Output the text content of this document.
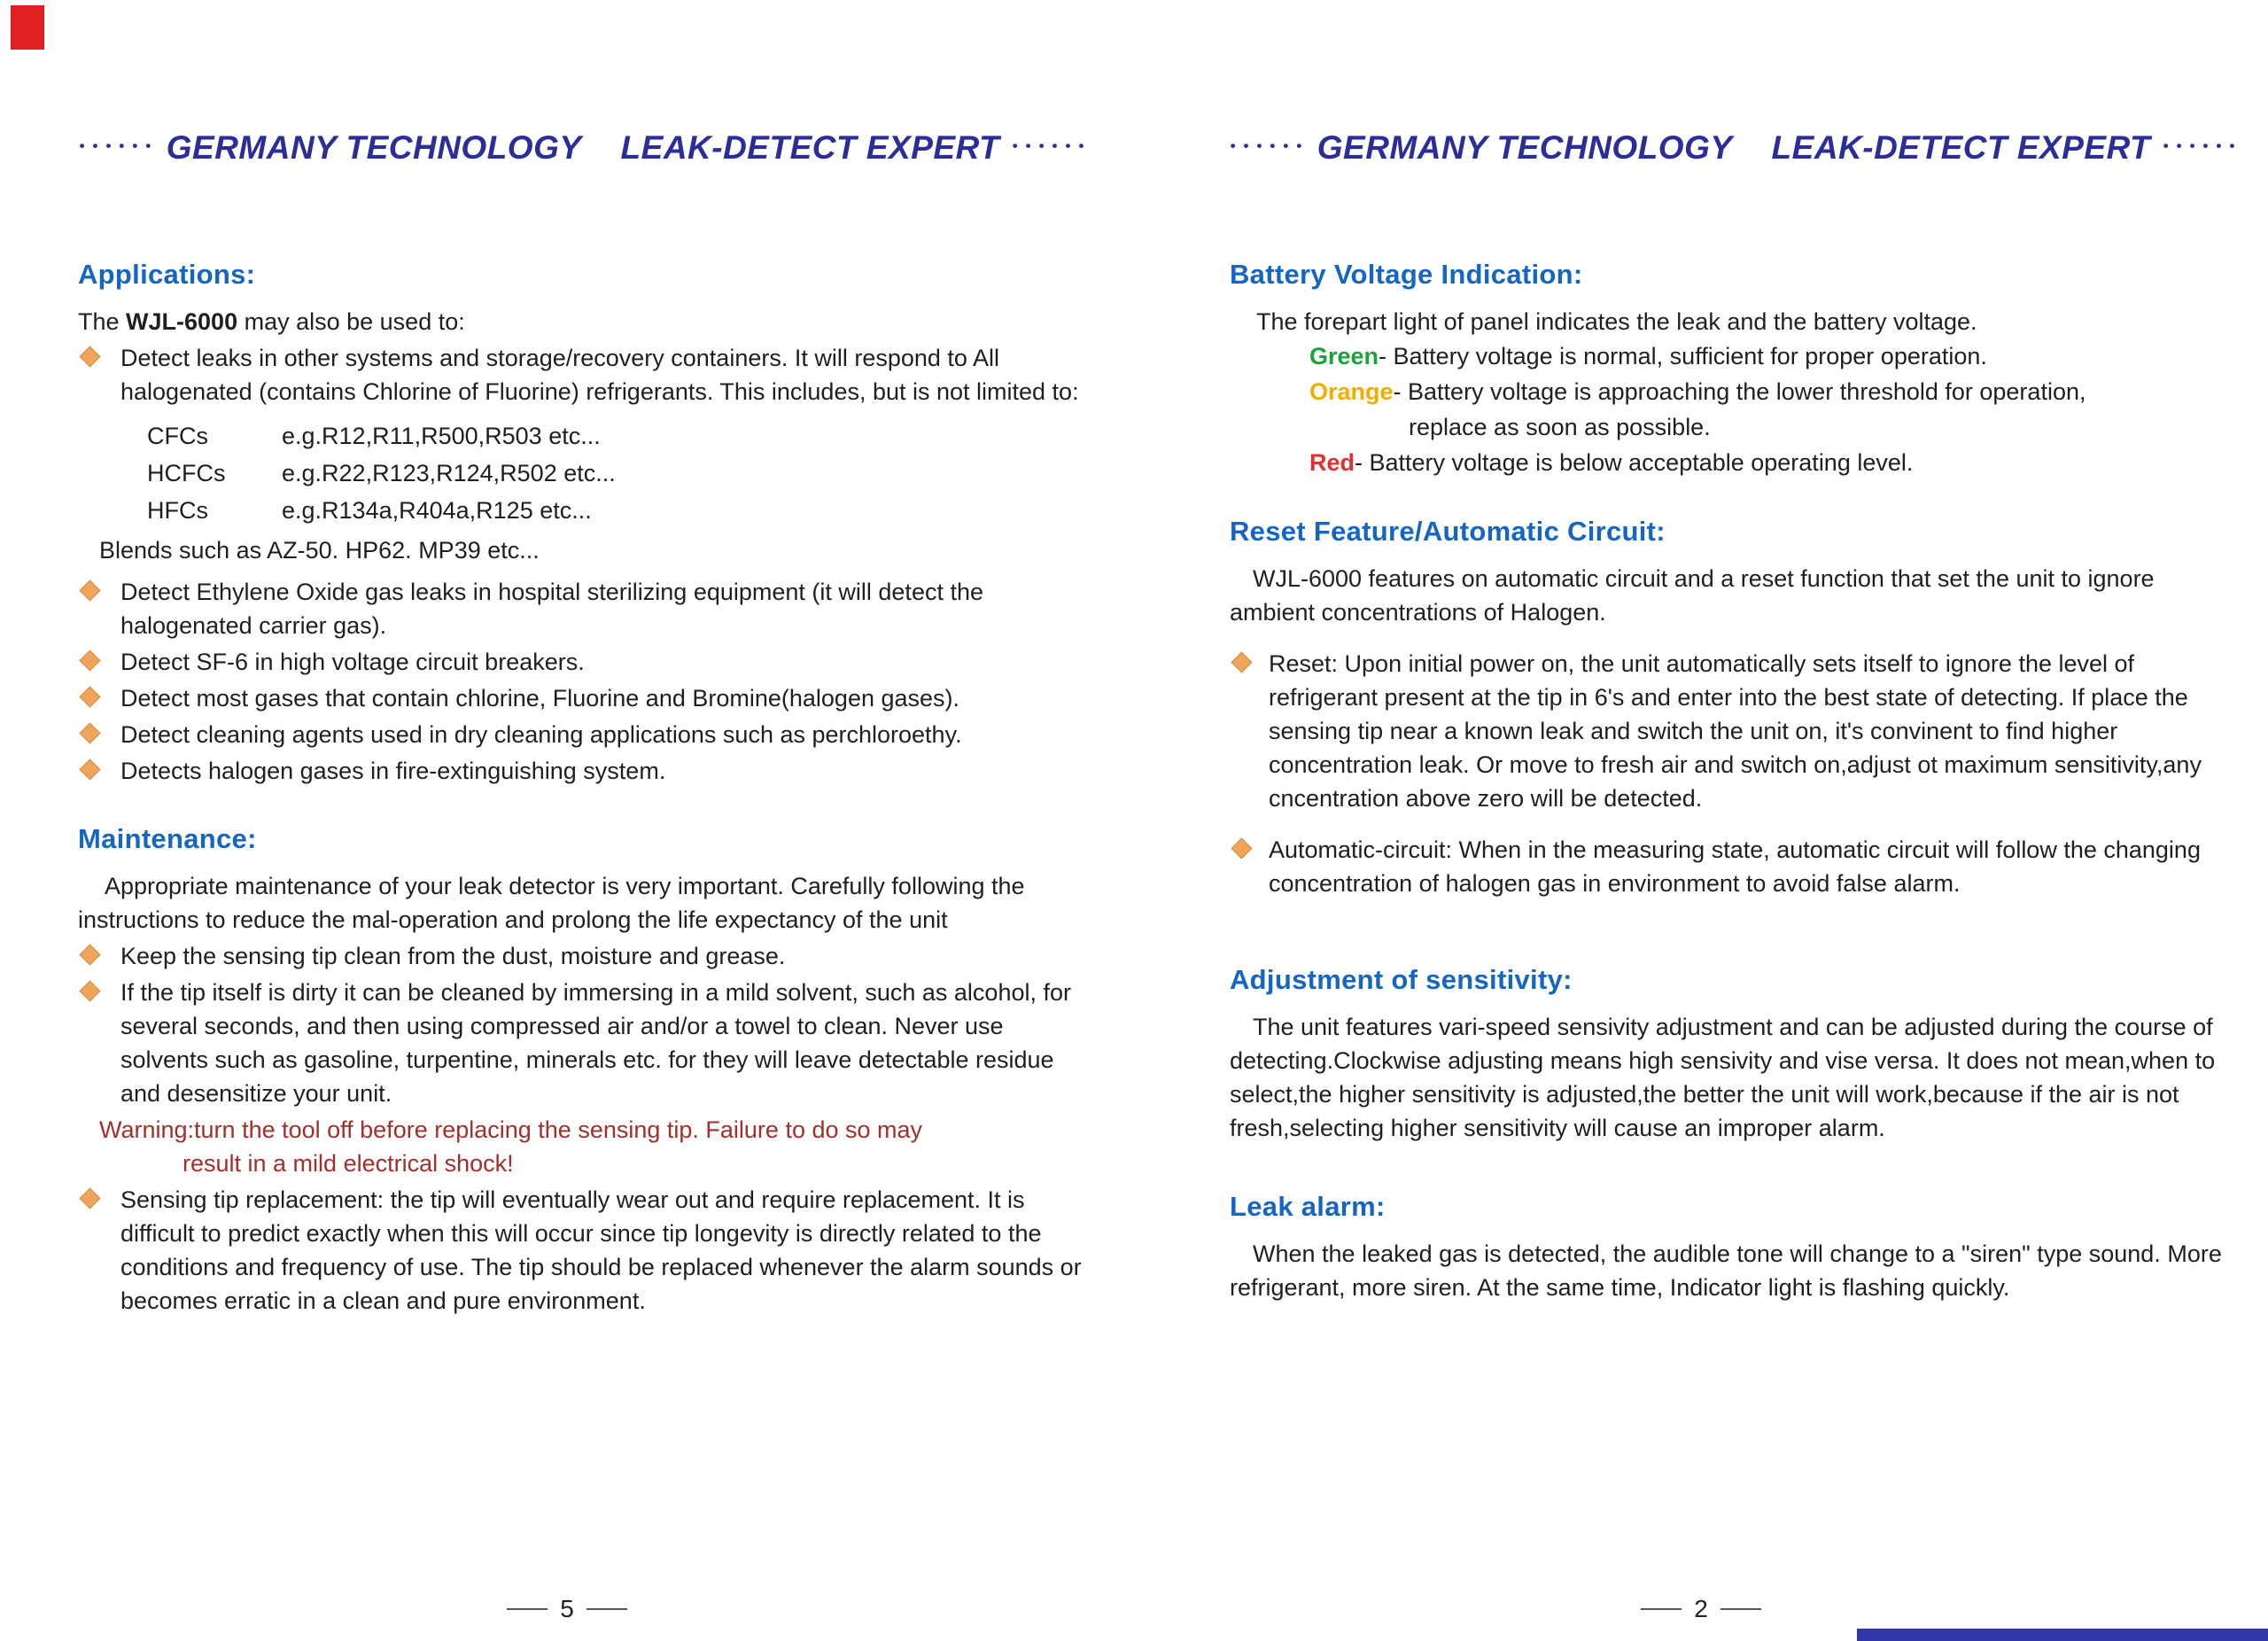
•••••• GERMANY TECHNOLOGY LEAK-DETECT EXPERT ••••••
Applications:

The WJL-6000 may also be used to:

Detect leaks in other systems and storage/recovery containers. It will respond to All halogenated (contains Chlorine of Fluorine) refrigerants. This includes, but is not limited to:
CFCs	e.g.R12,R11,R500,R503 etc...
HCFCs	e.g.R22,R123,R124,R502 etc...
HFCs	e.g.R134a,R404a,R125 etc...
Blends such as AZ-50. HP62. MP39 etc...
Detect Ethylene Oxide gas leaks in hospital sterilizing equipment (it will detect the halogenated carrier gas).
Detect SF-6 in high voltage circuit breakers.
Detect most gases that contain chlorine, Fluorine and Bromine(halogen gases).
Detect cleaning agents used in dry cleaning applications such as perchloroethy.
Detects halogen gases in fire-extinguishing system.
Maintenance:

Appropriate maintenance of your leak detector is very important. Carefully following the instructions to reduce the mal-operation and prolong the life expectancy of the unit

Keep the sensing tip clean from the dust, moisture and grease.
If the tip itself is dirty it can be cleaned by immersing in a mild solvent, such as alcohol, for several seconds, and then using compressed air and/or a towel to clean. Never use solvents such as gasoline, turpentine, minerals etc. for they will leave detectable residue and desensitize your unit.
Warning:turn the tool off before replacing the sensing tip. Failure to do so may
result in a mild electrical shock!
Sensing tip replacement: the tip will eventually wear out and require replacement. It is difficult to predict exactly when this will occur since tip longevity is directly related to the conditions and frequency of use. The tip should be replaced whenever the alarm sounds or becomes erratic in a clean and pure environment.
5
•••••• GERMANY TECHNOLOGY LEAK-DETECT EXPERT ••••••
Battery Voltage Indication:

The forepart light of panel indicates the leak and the battery voltage.

Green- Battery voltage is normal, sufficient for proper operation.
Orange- Battery voltage is approaching the lower threshold for operation,
replace as soon as possible.
Red- Battery voltage is below acceptable operating level.
Reset Feature/Automatic Circuit:

WJL-6000 features on automatic circuit and a reset function that set the unit to ignore ambient concentrations of Halogen.

Reset: Upon initial power on, the unit automatically sets itself to ignore the level of refrigerant present at the tip in 6's and enter into the best state of detecting. If place the sensing tip near a known leak and switch the unit on, it's convinent to find higher concentration leak. Or move to fresh air and switch on,adjust ot maximum sensitivity,any cncentration above zero will be detected.
Automatic-circuit: When in the measuring state, automatic circuit will follow the changing concentration of halogen gas in environment to avoid false alarm.
Adjustment of sensitivity:

The unit features vari-speed sensivity adjustment and can be adjusted during the course of detecting.Clockwise adjusting means high sensivity and vise versa. It does not mean,when to select,the higher sensitivity is adjusted,the better the unit will work,because if the air is not fresh,selecting higher sensitivity will cause an improper alarm.

Leak alarm:

When the leaked gas is detected, the audible tone will change to a "siren" type sound. More refrigerant, more siren. At the same time, Indicator light is flashing quickly.

2
